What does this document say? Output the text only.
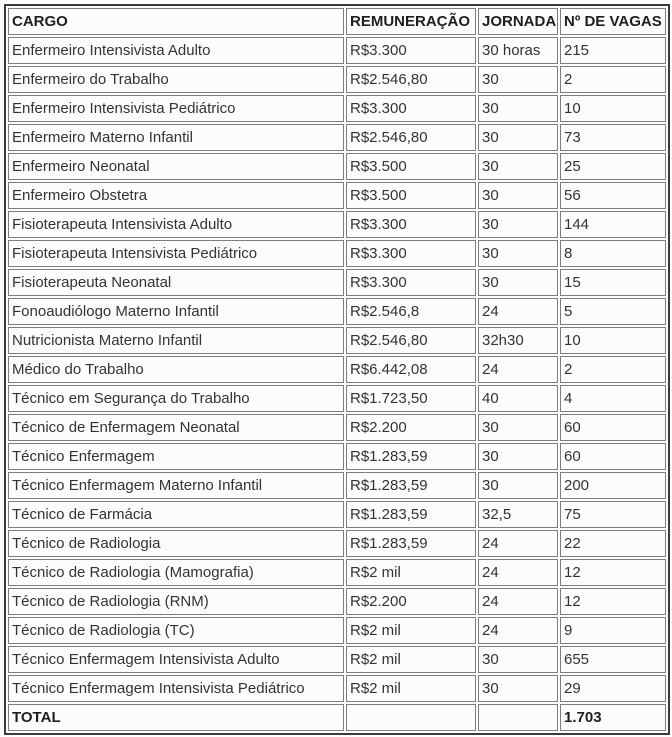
CARGO	REMUNERAÇÃO	JORNADA	Nº DE VAGAS
Enfermeiro Intensivista Adulto	R$3.300	30 horas	215
Enfermeiro do Trabalho	R$2.546,80	30	2
Enfermeiro Intensivista Pediátrico	R$3.300	30	10
Enfermeiro Materno Infantil	R$2.546,80	30	73
Enfermeiro Neonatal	R$3.500	30	25
Enfermeiro Obstetra	R$3.500	30	56
Fisioterapeuta Intensivista Adulto	R$3.300	30	144
Fisioterapeuta Intensivista Pediátrico	R$3.300	30	8
Fisioterapeuta Neonatal	R$3.300	30	15
Fonoaudiólogo Materno Infantil	R$2.546,8	24	5
Nutricionista Materno Infantil	R$2.546,80	32h30	10
Médico do Trabalho	R$6.442,08	24	2
Técnico em Segurança do Trabalho	R$1.723,50	40	4
Técnico de Enfermagem Neonatal	R$2.200	30	60
Técnico Enfermagem	R$1.283,59	30	60
Técnico Enfermagem Materno Infantil	R$1.283,59	30	200
Técnico de Farmácia	R$1.283,59	32,5	75
Técnico de Radiologia	R$1.283,59	24	22
Técnico de Radiologia (Mamografia)	R$2 mil	24	12
Técnico de Radiologia (RNM)	R$2.200	24	12
Técnico de Radiologia (TC)	R$2 mil	24	9
Técnico Enfermagem Intensivista Adulto	R$2 mil	30	655
Técnico Enfermagem Intensivista Pediátrico	R$2 mil	30	29
TOTAL			1.703
